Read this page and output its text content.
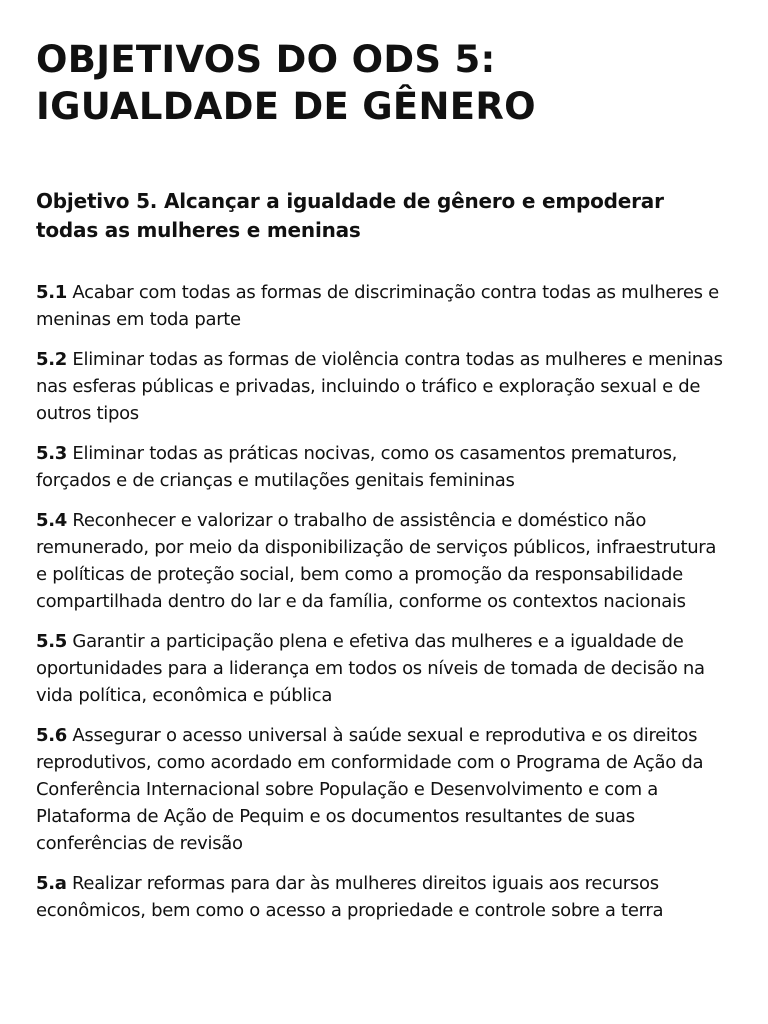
OBJETIVOS DO ODS 5: IGUALDADE DE GÊNERO
Objetivo 5. Alcançar a igualdade de gênero e empoderar todas as mulheres e meninas
5.1 Acabar com todas as formas de discriminação contra todas as mulheres e meninas em toda parte
5.2 Eliminar todas as formas de violência contra todas as mulheres e meninas nas esferas públicas e privadas, incluindo o tráfico e exploração sexual e de outros tipos
5.3 Eliminar todas as práticas nocivas, como os casamentos prematuros, forçados e de crianças e mutilações genitais femininas
5.4 Reconhecer e valorizar o trabalho de assistência e doméstico não remunerado, por meio da disponibilização de serviços públicos, infraestrutura e políticas de proteção social, bem como a promoção da responsabilidade compartilhada dentro do lar e da família, conforme os contextos nacionais
5.5 Garantir a participação plena e efetiva das mulheres e a igualdade de oportunidades para a liderança em todos os níveis de tomada de decisão na vida política, econômica e pública
5.6 Assegurar o acesso universal à saúde sexual e reprodutiva e os direitos reprodutivos, como acordado em conformidade com o Programa de Ação da Conferência Internacional sobre População e Desenvolvimento e com a Plataforma de Ação de Pequim e os documentos resultantes de suas conferências de revisão
5.a Realizar reformas para dar às mulheres direitos iguais aos recursos econômicos, bem como o acesso a propriedade e controle sobre a terra
